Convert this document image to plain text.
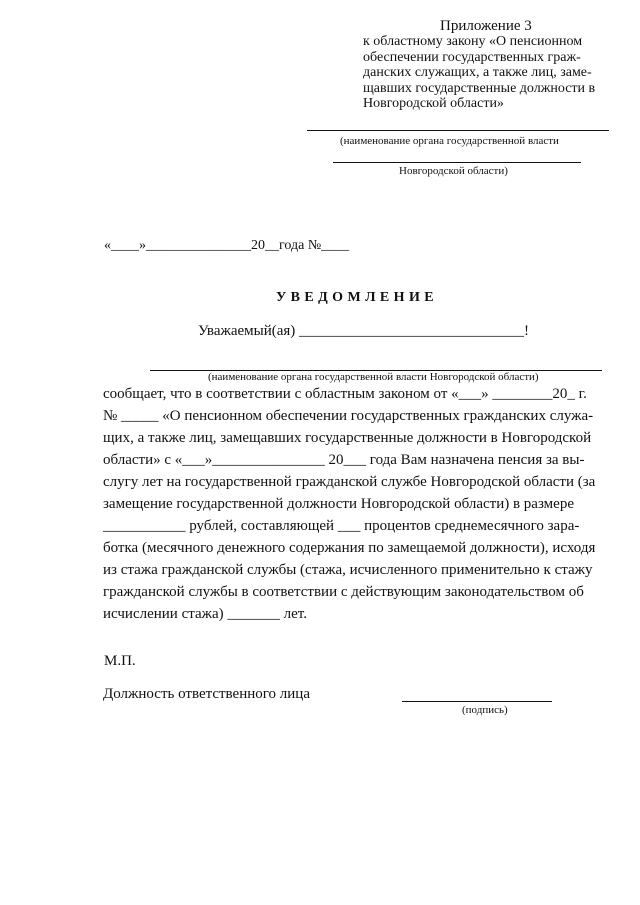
Приложение 3
к областному закону «О пенсионном
обеспечении государственных граж-
данских служащих, а также лиц, заме-
щавших государственные должности в
Новгородской области»
(наименование органа государственной власти
Новгородской области)
«____»_______________20__года №____
УВЕДОМЛЕНИЕ
Уважаемый(ая) ______________________________!
(наименование органа государственной власти Новгородской области)
сообщает, что в соответствии с областным законом от «___» ________20_ г.
№ _____ «О пенсионном обеспечении государственных гражданских служа-
щих, а также лиц, замещавших государственные должности в Новгородской
области» с «___»_______________ 20___ года Вам назначена пенсия за вы-
слугу лет на государственной гражданской службе Новгородской области (за
замещение государственной должности Новгородской области) в размере
___________ рублей, составляющей ___ процентов среднемесячного зара-
ботка (месячного денежного содержания по замещаемой должности), исходя
из стажа гражданской службы (стажа, исчисленного применительно к стажу
гражданской службы в соответствии с действующим законодательством об
исчислении стажа) _______ лет.
М.П.
Должность ответственного лица
(подпись)
